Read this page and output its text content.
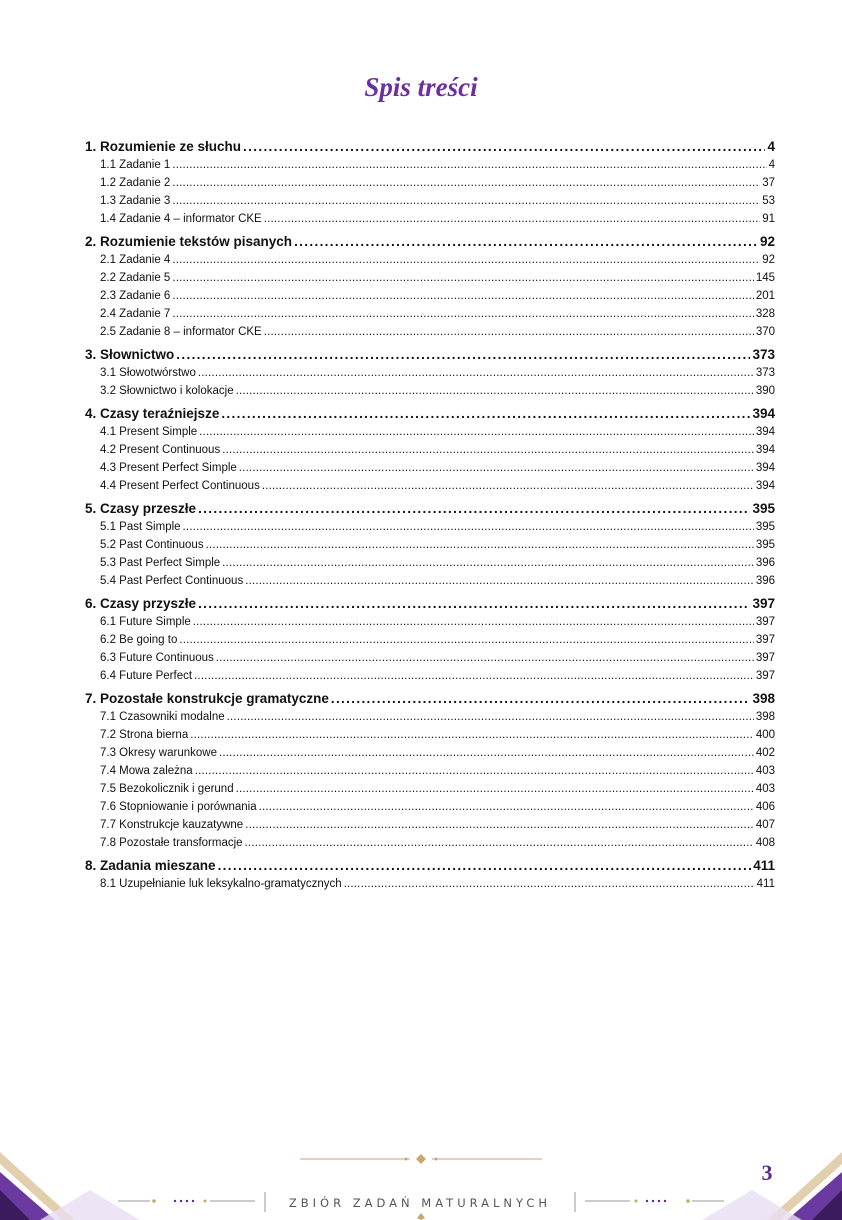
Spis treści
1. Rozumienie ze słuchu . . .	4
1.1 Zadanie 1 . . .	4
1.2 Zadanie 2 . . .	37
1.3 Zadanie 3 . . .	53
1.4 Zadanie 4 – informator CKE . . .	91
2. Rozumienie tekstów pisanych . . .	92
2.1 Zadanie 4 . . .	92
2.2 Zadanie 5 . . .	145
2.3 Zadanie 6 . . .	201
2.4 Zadanie 7 . . .	328
2.5 Zadanie 8 – informator CKE . . .	370
3. Słownictwo . . .	373
3.1 Słowotwórstwo . . .	373
3.2 Słownictwo i kolokacje . . .	390
4. Czasy teraźniejsze . . .	394
4.1 Present Simple . . .	394
4.2 Present Continuous . . .	394
4.3 Present Perfect Simple . . .	394
4.4 Present Perfect Continuous . . .	394
5. Czasy przeszłe . . .	395
5.1 Past Simple . . .	395
5.2 Past Continuous . . .	395
5.3 Past Perfect Simple . . .	396
5.4 Past Perfect Continuous . . .	396
6. Czasy przyszłe . . .	397
6.1 Future Simple . . .	397
6.2 Be going to . . .	397
6.3 Future Continuous . . .	397
6.4 Future Perfect . . .	397
7. Pozostałe konstrukcje gramatyczne . . .	398
7.1 Czasowniki modalne . . .	398
7.2 Strona bierna . . .	400
7.3 Okresy warunkowe . . .	402
7.4 Mowa zależna . . .	403
7.5 Bezokolicznik i gerund . . .	403
7.6 Stopniowanie i porównania . . .	406
7.7 Konstrukcje kauzatywne . . .	407
7.8 Pozostałe transformacje . . .	408
8. Zadania mieszane . . .	411
8.1 Uzupełnianie luk leksykalno-gramatycznych . . .	411
ZBIÓR ZADAŃ MATURALNYCH
3
